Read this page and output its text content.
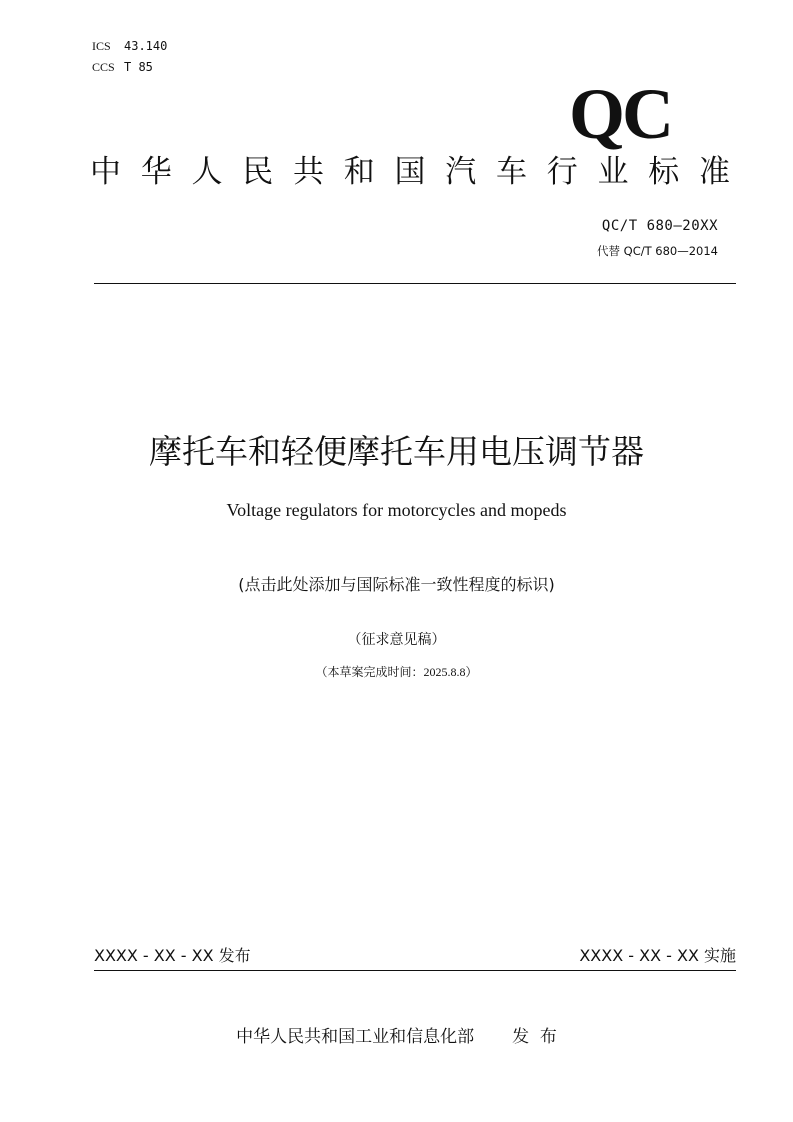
ICS 43.140
CCS T 85
QC
中 华 人 民 共 和 国 汽 车 行 业 标 准
QC/T 680—20XX
代替 QC/T 680—2014
摩托车和轻便摩托车用电压调节器
Voltage regulators for motorcycles and mopeds
(点击此处添加与国际标准一致性程度的标识)
（征求意见稿）
（本草案完成时间：2025.8.8）
XXXX - XX - XX 发布	XXXX - XX - XX 实施
中华人民共和国工业和信息化部 发  布
